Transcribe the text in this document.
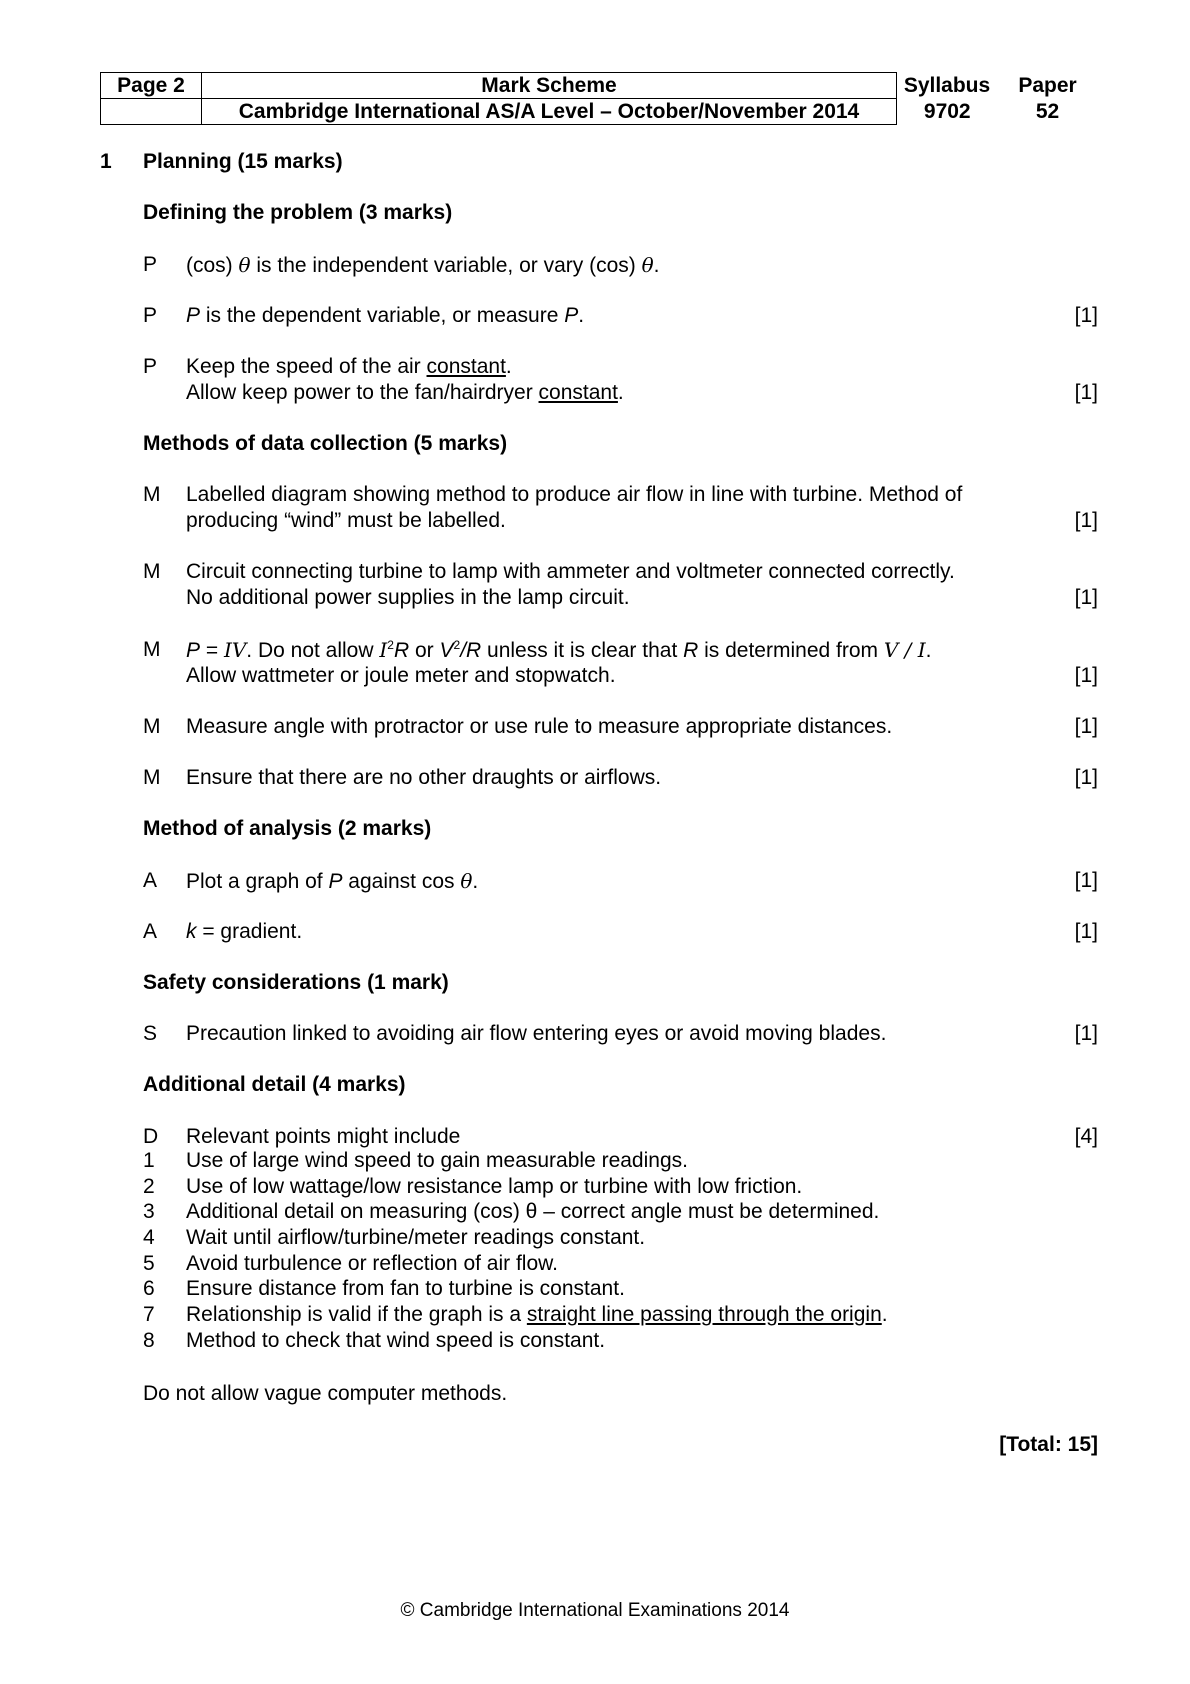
Page 2	Mark Scheme	Syllabus	Paper
	Cambridge International AS/A Level – October/November 2014	9702	52
1 Planning (15 marks)
Defining the problem (3 marks)
P	(cos) θ is the independent variable, or vary (cos) θ.
P	P is the dependent variable, or measure P.	[1]
P	Keep the speed of the air constant.
Allow keep power to the fan/hairdryer constant.	[1]
Methods of data collection (5 marks)
M	Labelled diagram showing method to produce air flow in line with turbine. Method of
producing “wind” must be labelled.	[1]
M	Circuit connecting turbine to lamp with ammeter and voltmeter connected correctly.
No additional power supplies in the lamp circuit.	[1]
M	P = IV. Do not allow $I^2R$ or $V^2/R$ unless it is clear that R is determined from V / I.
Allow wattmeter or joule meter and stopwatch.	[1]
M	Measure angle with protractor or use rule to measure appropriate distances.	[1]
M	Ensure that there are no other draughts or airflows.	[1]
Method of analysis (2 marks)
A	Plot a graph of P against cos θ.	[1]
A	k = gradient.	[1]
Safety considerations (1 mark)
S	Precaution linked to avoiding air flow entering eyes or avoid moving blades.	[1]
Additional detail (4 marks)
D	Relevant points might include	[4]
1 Use of large wind speed to gain measurable readings.
2 Use of low wattage/low resistance lamp or turbine with low friction.
3 Additional detail on measuring (cos) θ – correct angle must be determined.
4 Wait until airflow/turbine/meter readings constant.
5 Avoid turbulence or reflection of air flow.
6 Ensure distance from fan to turbine is constant.
7 Relationship is valid if the graph is a straight line passing through the origin.
8 Method to check that wind speed is constant.
Do not allow vague computer methods.
[Total: 15]
© Cambridge International Examinations 2014
